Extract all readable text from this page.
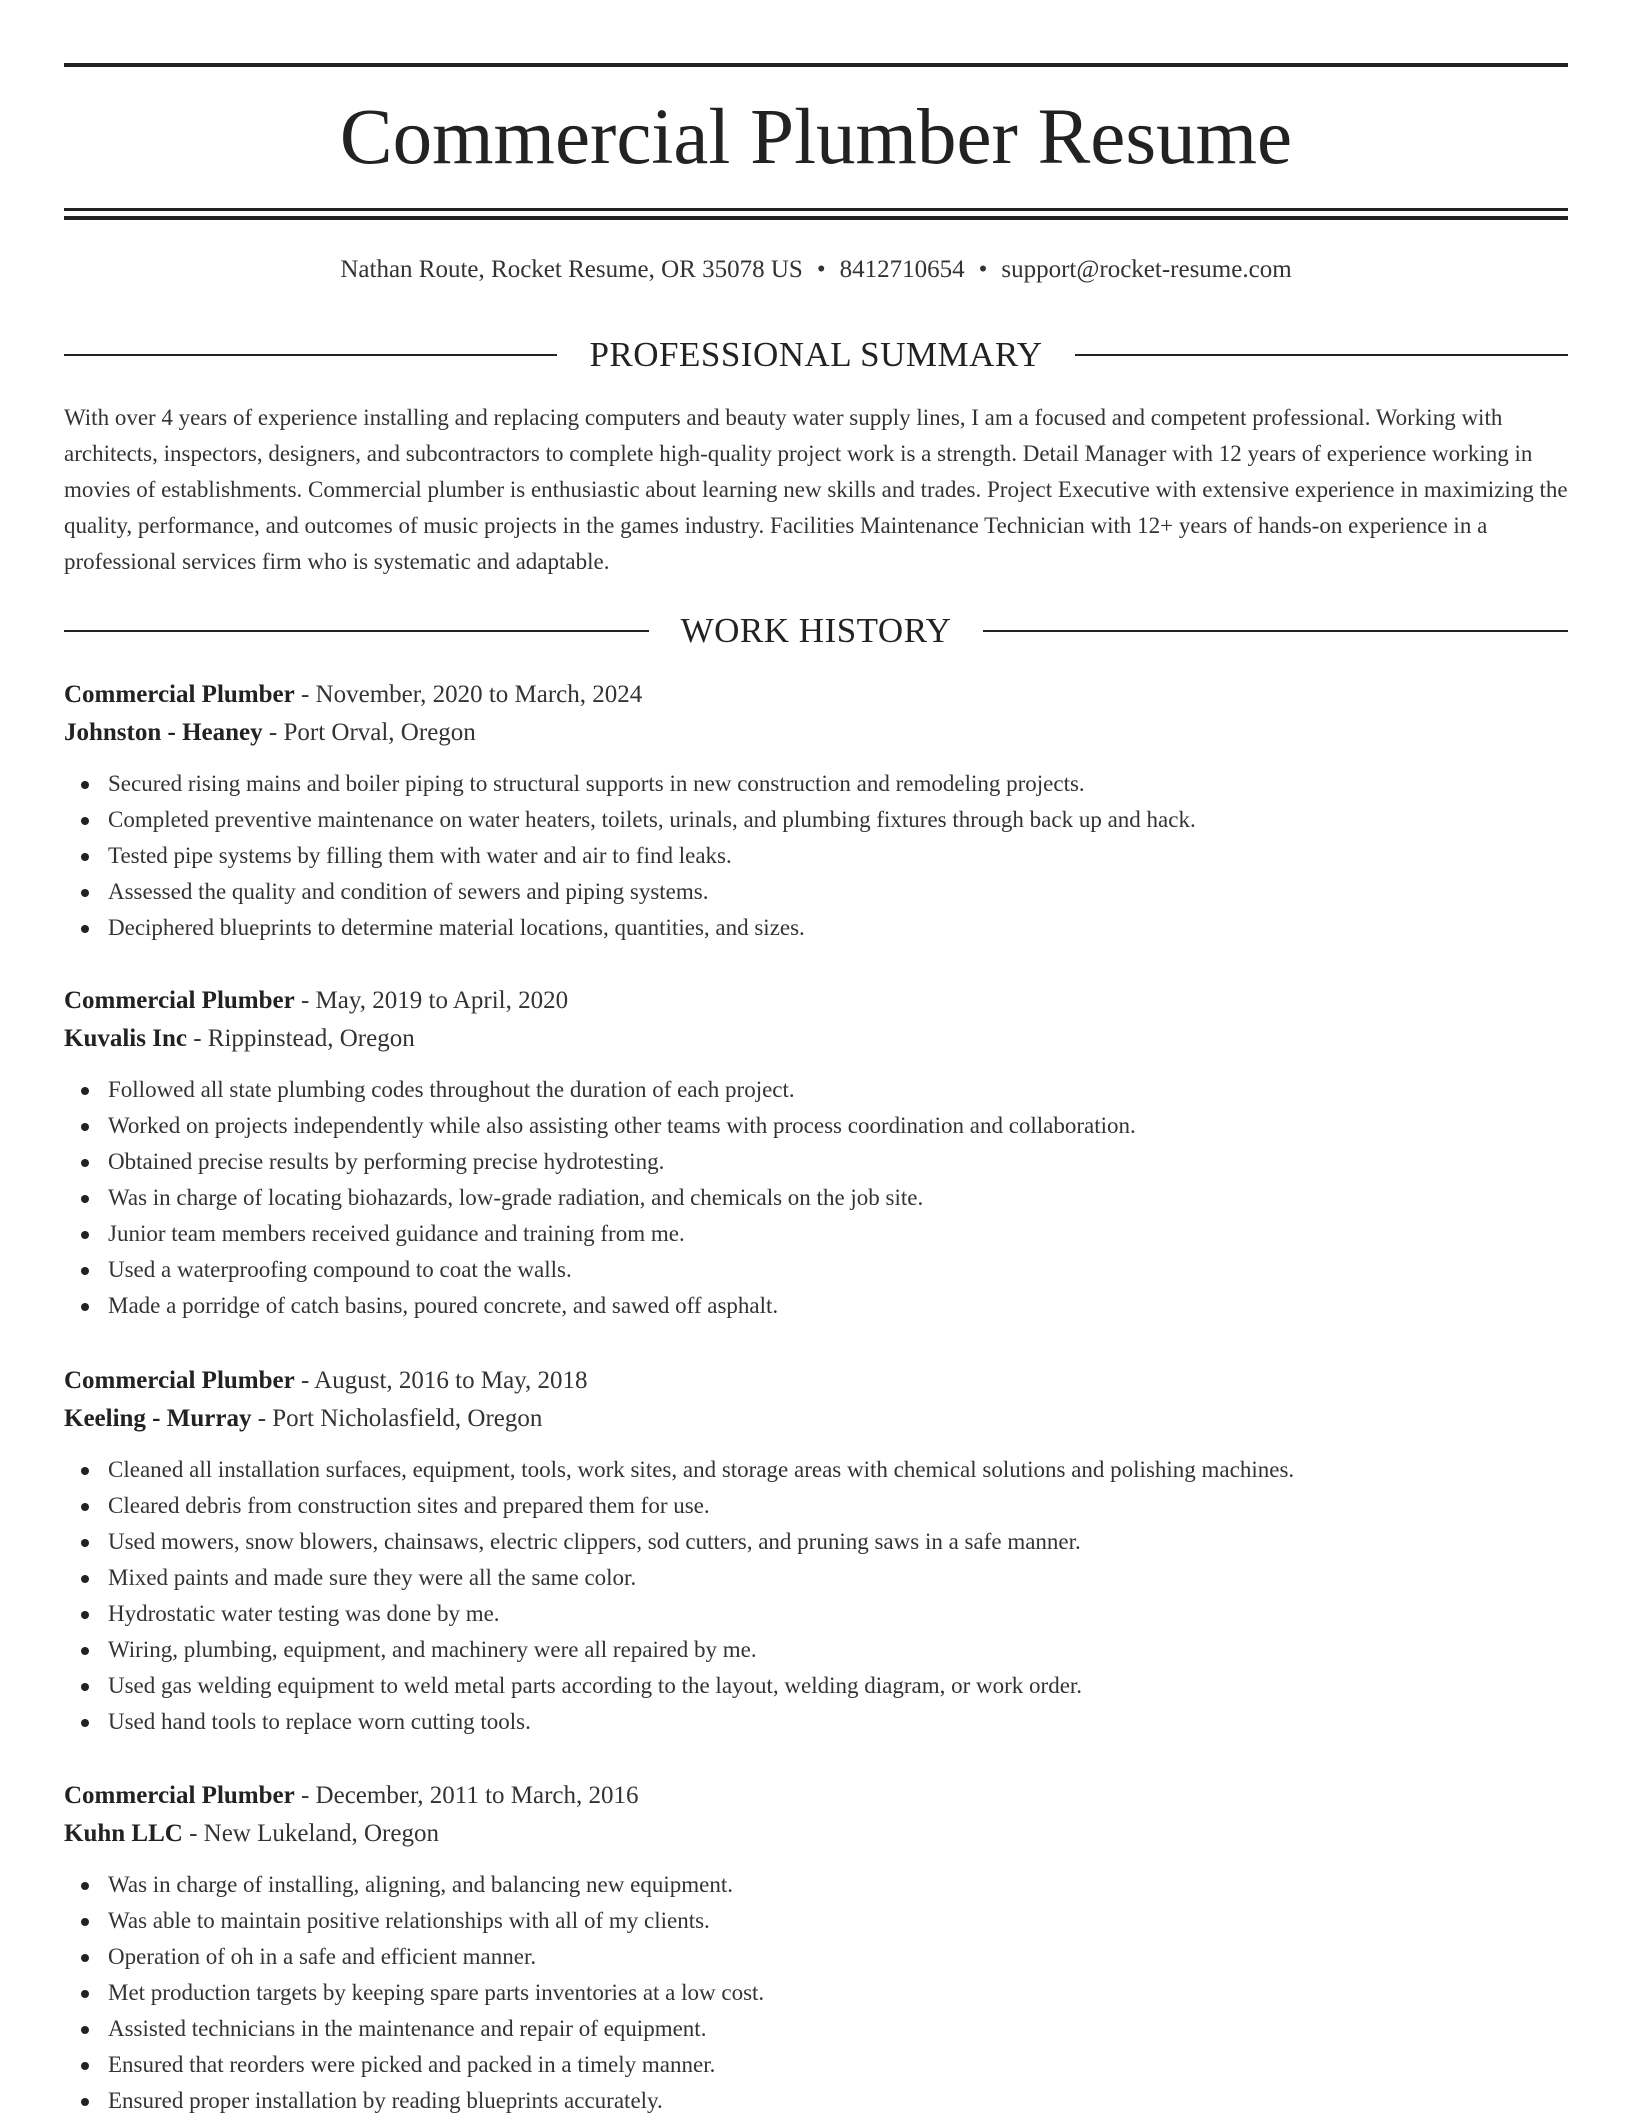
Commercial Plumber Resume
Nathan Route, Rocket Resume, OR 35078 US • 8412710654 • support@rocket-resume.com
PROFESSIONAL SUMMARY

With over 4 years of experience installing and replacing computers and beauty water supply lines, I am a focused and competent professional. Working with architects, inspectors, designers, and subcontractors to complete high-quality project work is a strength. Detail Manager with 12 years of experience working in movies of establishments. Commercial plumber is enthusiastic about learning new skills and trades. Project Executive with extensive experience in maximizing the quality, performance, and outcomes of music projects in the games industry. Facilities Maintenance Technician with 12+ years of hands-on experience in a professional services firm who is systematic and adaptable.

WORK HISTORY
Commercial Plumber - November, 2020 to March, 2024
Johnston - Heaney - Port Orval, Oregon
Secured rising mains and boiler piping to structural supports in new construction and remodeling projects.
Completed preventive maintenance on water heaters, toilets, urinals, and plumbing fixtures through back up and hack.
Tested pipe systems by filling them with water and air to find leaks.
Assessed the quality and condition of sewers and piping systems.
Deciphered blueprints to determine material locations, quantities, and sizes.
Commercial Plumber - May, 2019 to April, 2020
Kuvalis Inc - Rippinstead, Oregon
Followed all state plumbing codes throughout the duration of each project.
Worked on projects independently while also assisting other teams with process coordination and collaboration.
Obtained precise results by performing precise hydrotesting.
Was in charge of locating biohazards, low-grade radiation, and chemicals on the job site.
Junior team members received guidance and training from me.
Used a waterproofing compound to coat the walls.
Made a porridge of catch basins, poured concrete, and sawed off asphalt.
Commercial Plumber - August, 2016 to May, 2018
Keeling - Murray - Port Nicholasfield, Oregon
Cleaned all installation surfaces, equipment, tools, work sites, and storage areas with chemical solutions and polishing machines.
Cleared debris from construction sites and prepared them for use.
Used mowers, snow blowers, chainsaws, electric clippers, sod cutters, and pruning saws in a safe manner.
Mixed paints and made sure they were all the same color.
Hydrostatic water testing was done by me.
Wiring, plumbing, equipment, and machinery were all repaired by me.
Used gas welding equipment to weld metal parts according to the layout, welding diagram, or work order.
Used hand tools to replace worn cutting tools.
Commercial Plumber - December, 2011 to March, 2016
Kuhn LLC - New Lukeland, Oregon
Was in charge of installing, aligning, and balancing new equipment.
Was able to maintain positive relationships with all of my clients.
Operation of oh in a safe and efficient manner.
Met production targets by keeping spare parts inventories at a low cost.
Assisted technicians in the maintenance and repair of equipment.
Ensured that reorders were picked and packed in a timely manner.
Ensured proper installation by reading blueprints accurately.
